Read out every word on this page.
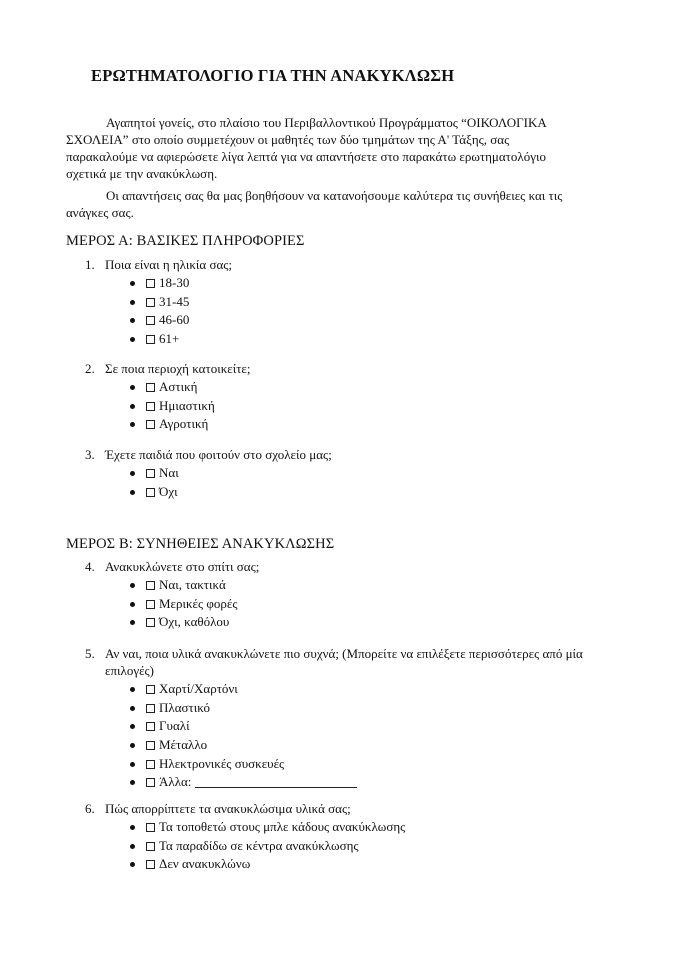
ΕΡΩΤΗΜΑΤΟΛΟΓΙΟ ΓΙΑ ΤΗΝ ΑΝΑΚΥΚΛΩΣΗ

Αγαπητοί γονείς, στο πλαίσιο του Περιβαλλοντικού Προγράμματος “ΟΙΚΟΛΟΓΙΚΑ ΣΧΟΛΕΙΑ” στο οποίο συμμετέχουν οι μαθητές των δύο τμημάτων της Α' Τάξης, σας παρακαλούμε να αφιερώσετε λίγα λεπτά για να απαντήσετε στο παρακάτω ερωτηματολόγιο σχετικά με την ανακύκλωση.

Οι απαντήσεις σας θα μας βοηθήσουν να κατανοήσουμε καλύτερα τις συνήθειες και τις ανάγκες σας.

ΜΕΡΟΣ Α: ΒΑΣΙΚΕΣ ΠΛΗΡΟΦΟΡΙΕΣ

1. Ποια είναι η ηλικία σας;

18-30
31-45
46-60
61+

2. Σε ποια περιοχή κατοικείτε;

Αστική
Ημιαστική
Αγροτική

3. Έχετε παιδιά που φοιτούν στο σχολείο μας;

Ναι
Όχι
ΜΕΡΟΣ Β: ΣΥΝΗΘΕΙΕΣ ΑΝΑΚΥΚΛΩΣΗΣ

4. Ανακυκλώνετε στο σπίτι σας;

Ναι, τακτικά
Μερικές φορές
Όχι, καθόλου

5. Αν ναι, ποια υλικά ανακυκλώνετε πιο συχνά; (Μπορείτε να επιλέξετε περισσότερες από μία επιλογές)

Χαρτί/Χαρτόνι
Πλαστικό
Γυαλί
Μέταλλο
Ηλεκτρονικές συσκευές
Άλλα:

6. Πώς απορρίπτετε τα ανακυκλώσιμα υλικά σας;

Τα τοποθετώ στους μπλε κάδους ανακύκλωσης
Τα παραδίδω σε κέντρα ανακύκλωσης
Δεν ανακυκλώνω
